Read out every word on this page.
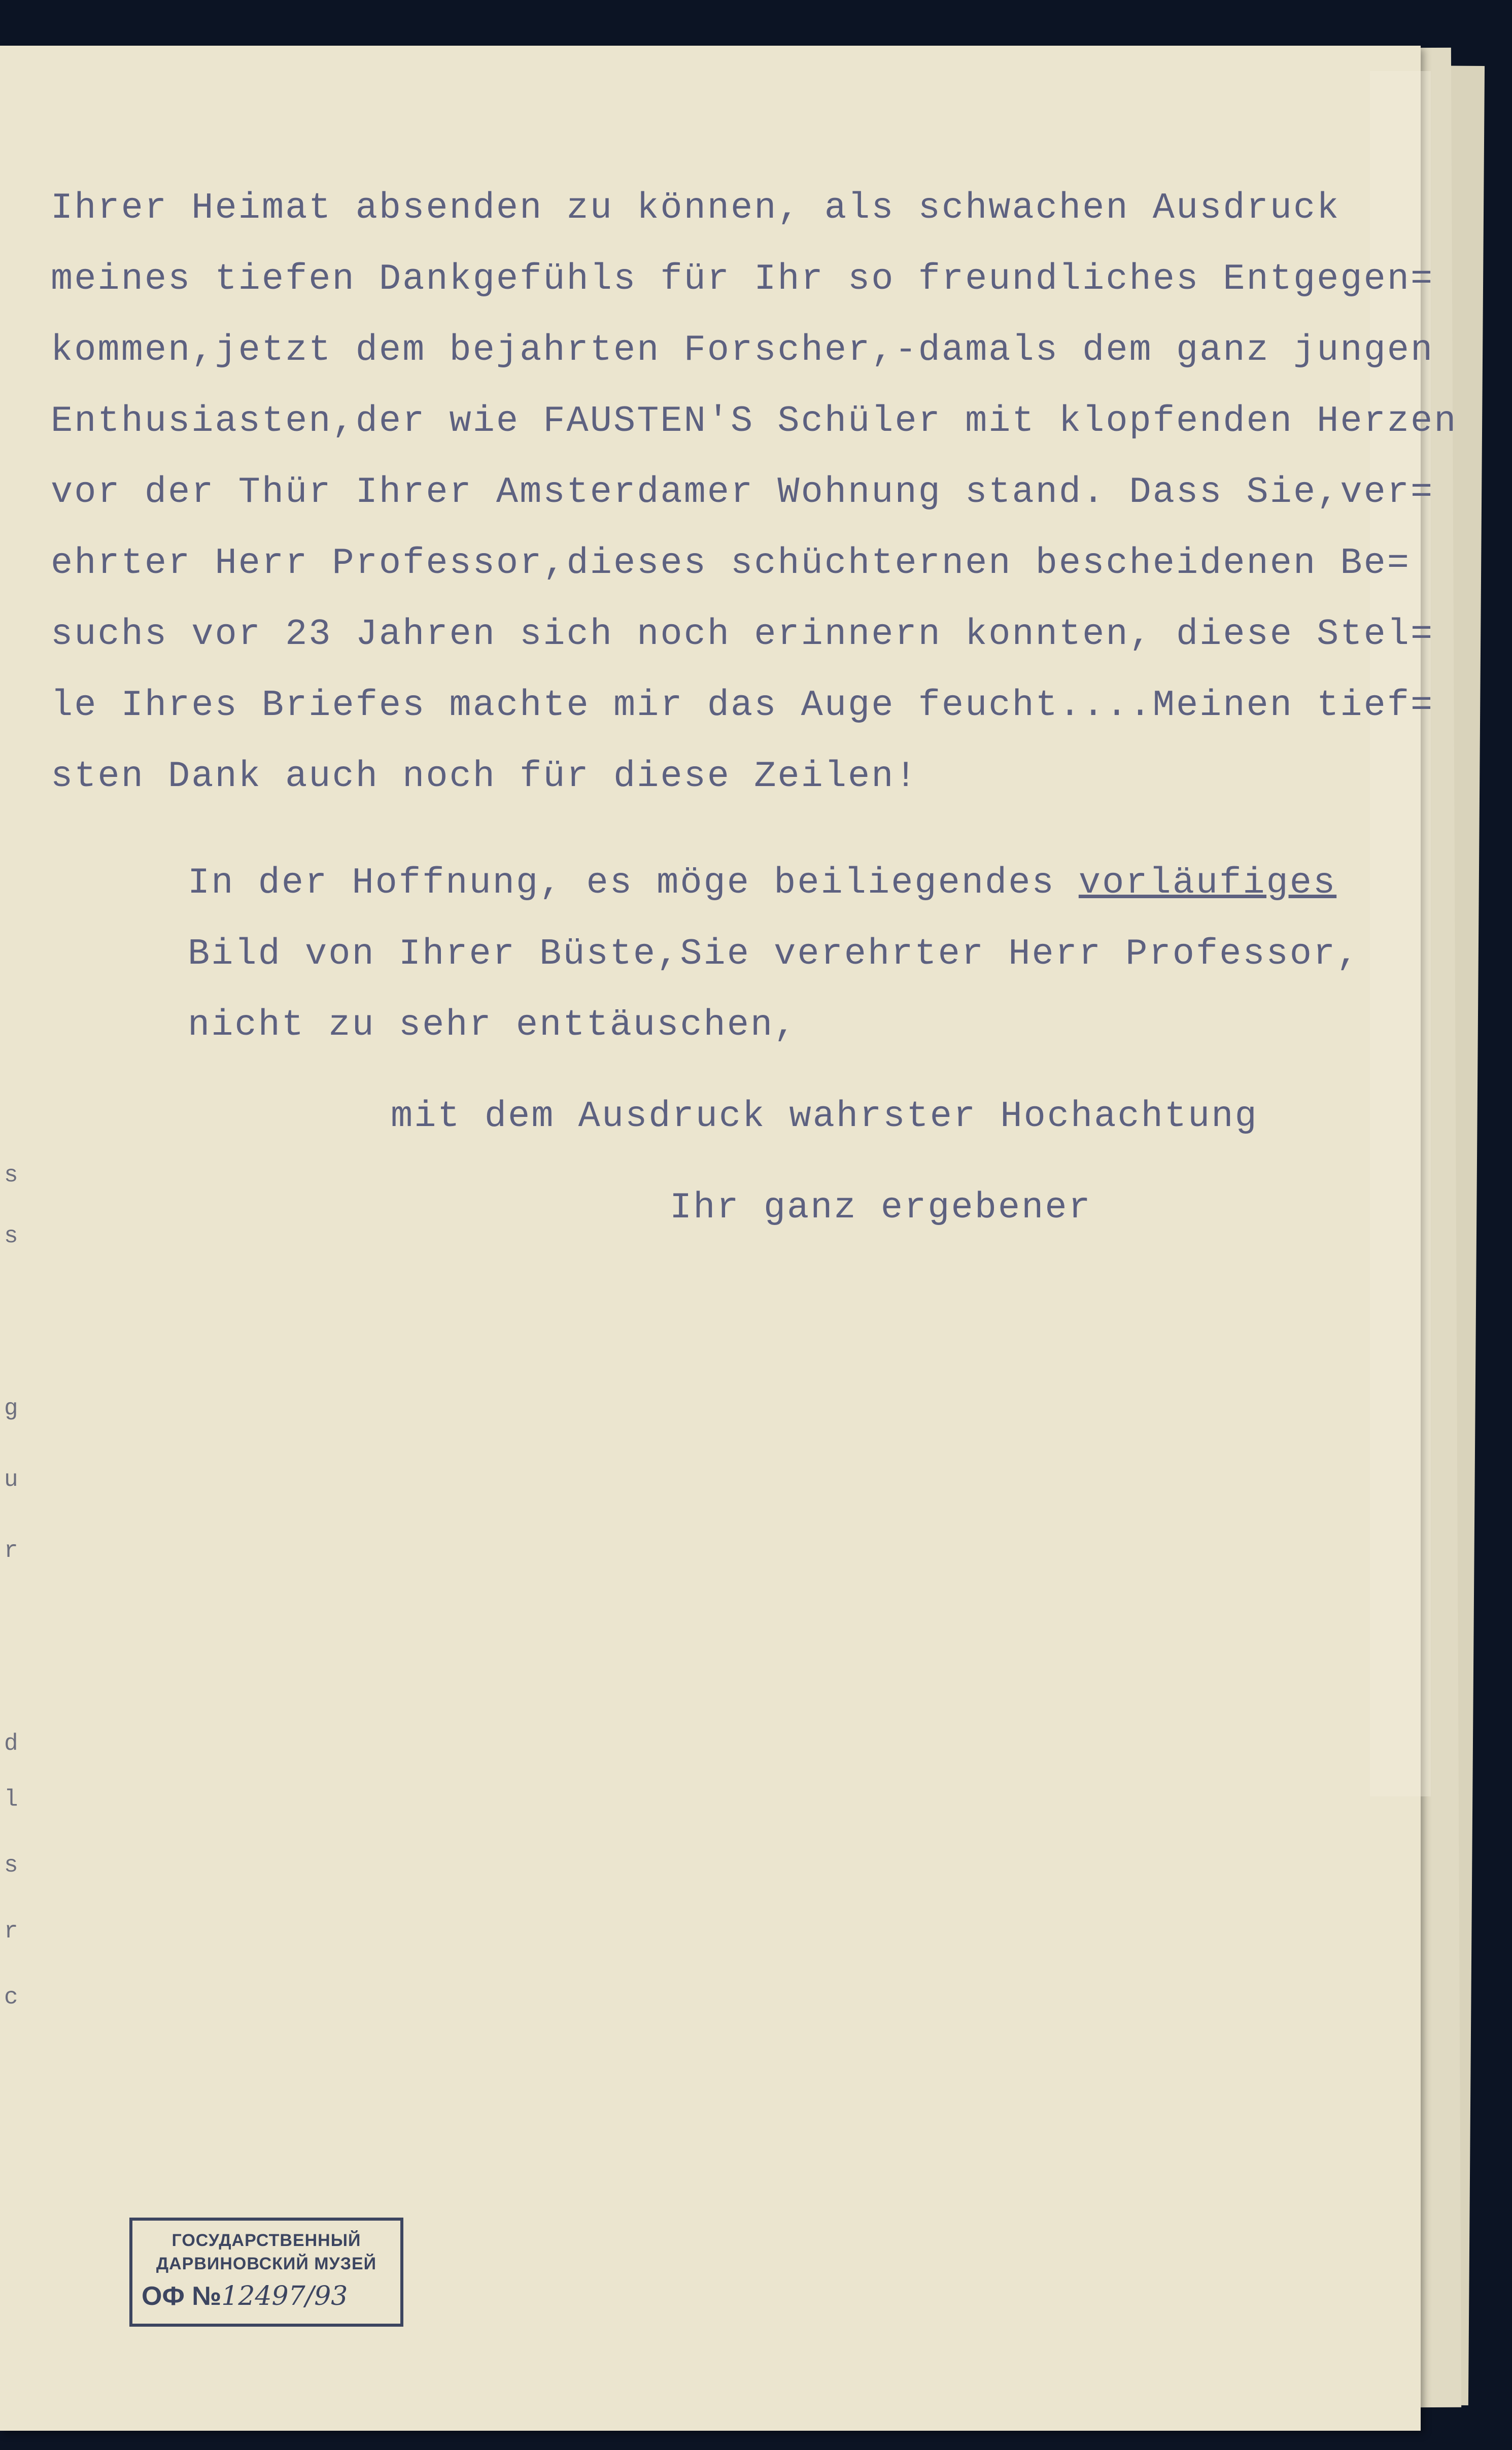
s
s
g
u
r
d
l
s
r
c
Ihrer Heimat absenden zu können, als schwachen Ausdruck
meines tiefen Dankgefühls für Ihr so freundliches Entgegen=
kommen,jetzt dem bejahrten Forscher,-damals dem ganz jungen
Enthusiasten,der wie FAUSTEN'S Schüler mit klopfenden Herzen
vor der Thür Ihrer Amsterdamer Wohnung stand. Dass Sie,ver=
ehrter Herr Professor,dieses schüchternen bescheidenen Be=
suchs vor 23 Jahren sich noch erinnern konnten, diese Stel=
le Ihres Briefes machte mir das Auge feucht....Meinen tief=
sten Dank auch noch für diese Zeilen!
In der Hoffnung, es möge beiliegendes vorläufiges
Bild von Ihrer Büste,Sie verehrter Herr Professor,
nicht zu sehr enttäuschen,
mit dem Ausdruck wahrster Hochachtung
Ihr ganz ergebener
ГОСУДАРСТВЕННЫЙ
ДАРВИНОВСКИЙ МУЗЕЙ
ОФ №12497/93
